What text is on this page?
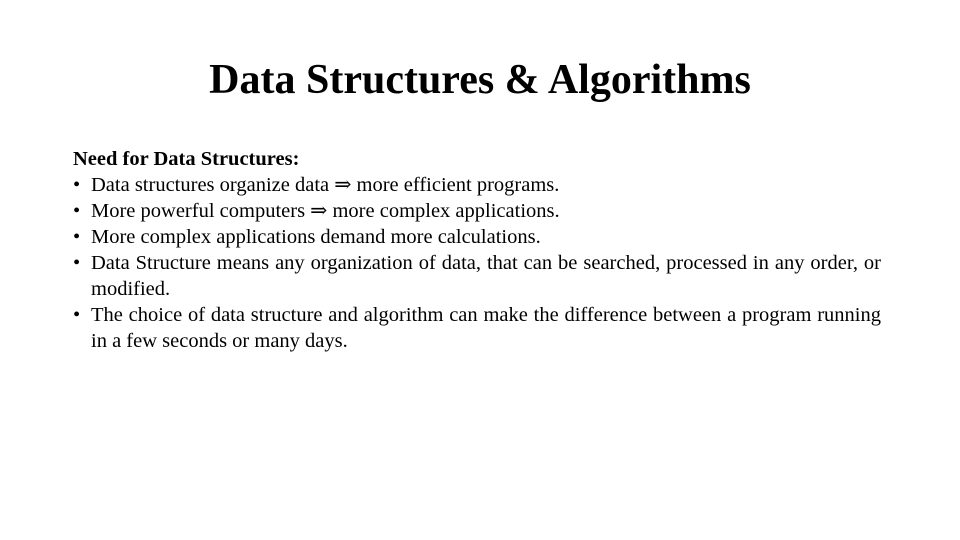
Data Structures & Algorithms
Need for Data Structures:
• Data structures organize data ⇒ more efficient programs.
• More powerful computers ⇒ more complex applications.
• More complex applications demand more calculations.
• Data Structure means any organization of data, that can be searched, processed in any order, or modified.
• The choice of data structure and algorithm can make the difference between a program running in a few seconds or many days.
